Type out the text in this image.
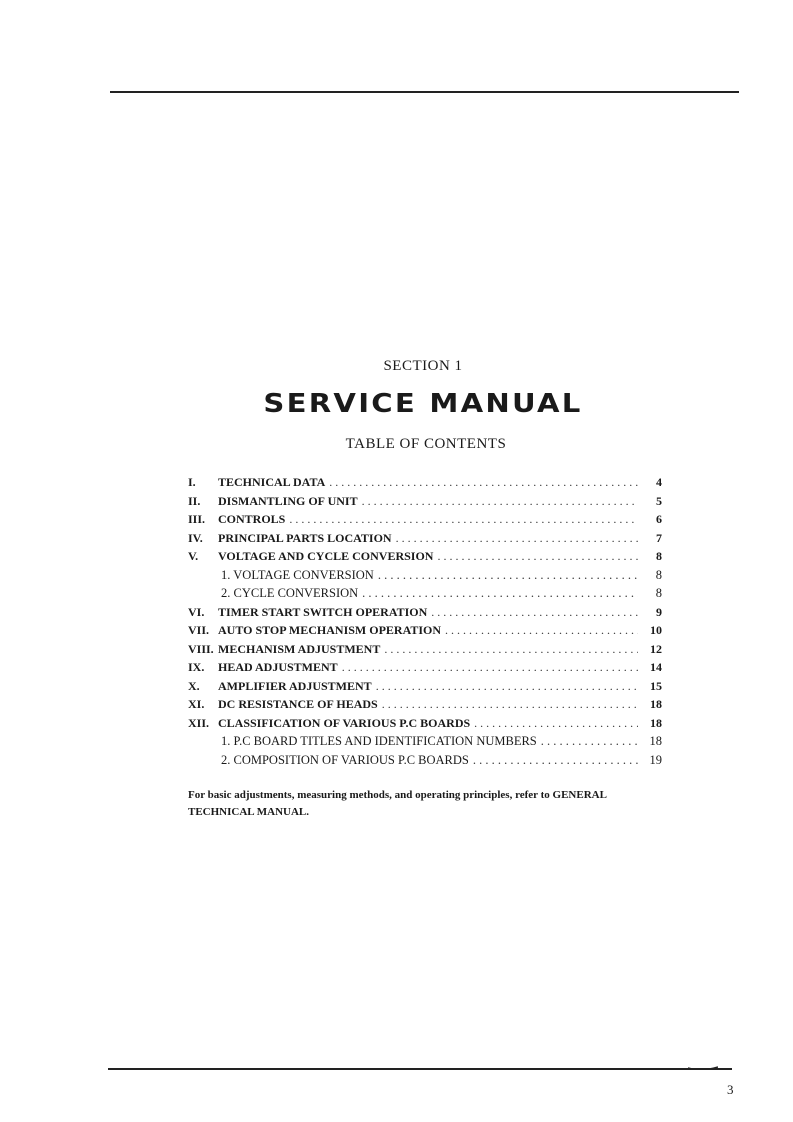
SECTION 1
SERVICE MANUAL
TABLE OF CONTENTS
I.	TECHNICAL DATA . . .	4
II.	DISMANTLING OF UNIT . . .	5
III.	CONTROLS . . .	6
IV.	PRINCIPAL PARTS LOCATION . . .	7
V.	VOLTAGE AND CYCLE CONVERSION . . .	8
1. VOLTAGE CONVERSION . . .	8
2. CYCLE CONVERSION . . .	8
VI.	TIMER START SWITCH OPERATION . . .	9
VII. AUTO STOP MECHANISM OPERATION . . .	10
VIII. MECHANISM ADJUSTMENT . . .	12
IX.	HEAD ADJUSTMENT . . .	14
X.	AMPLIFIER ADJUSTMENT . . .	15
XI.	DC RESISTANCE OF HEADS . . .	18
XII. CLASSIFICATION OF VARIOUS P.C BOARDS . . .	18
1. P.C BOARD TITLES AND IDENTIFICATION NUMBERS . . .	18
2. COMPOSITION OF VARIOUS P.C BOARDS . . .	19
For basic adjustments, measuring methods, and operating principles, refer to GENERAL TECHNICAL MANUAL.
3
